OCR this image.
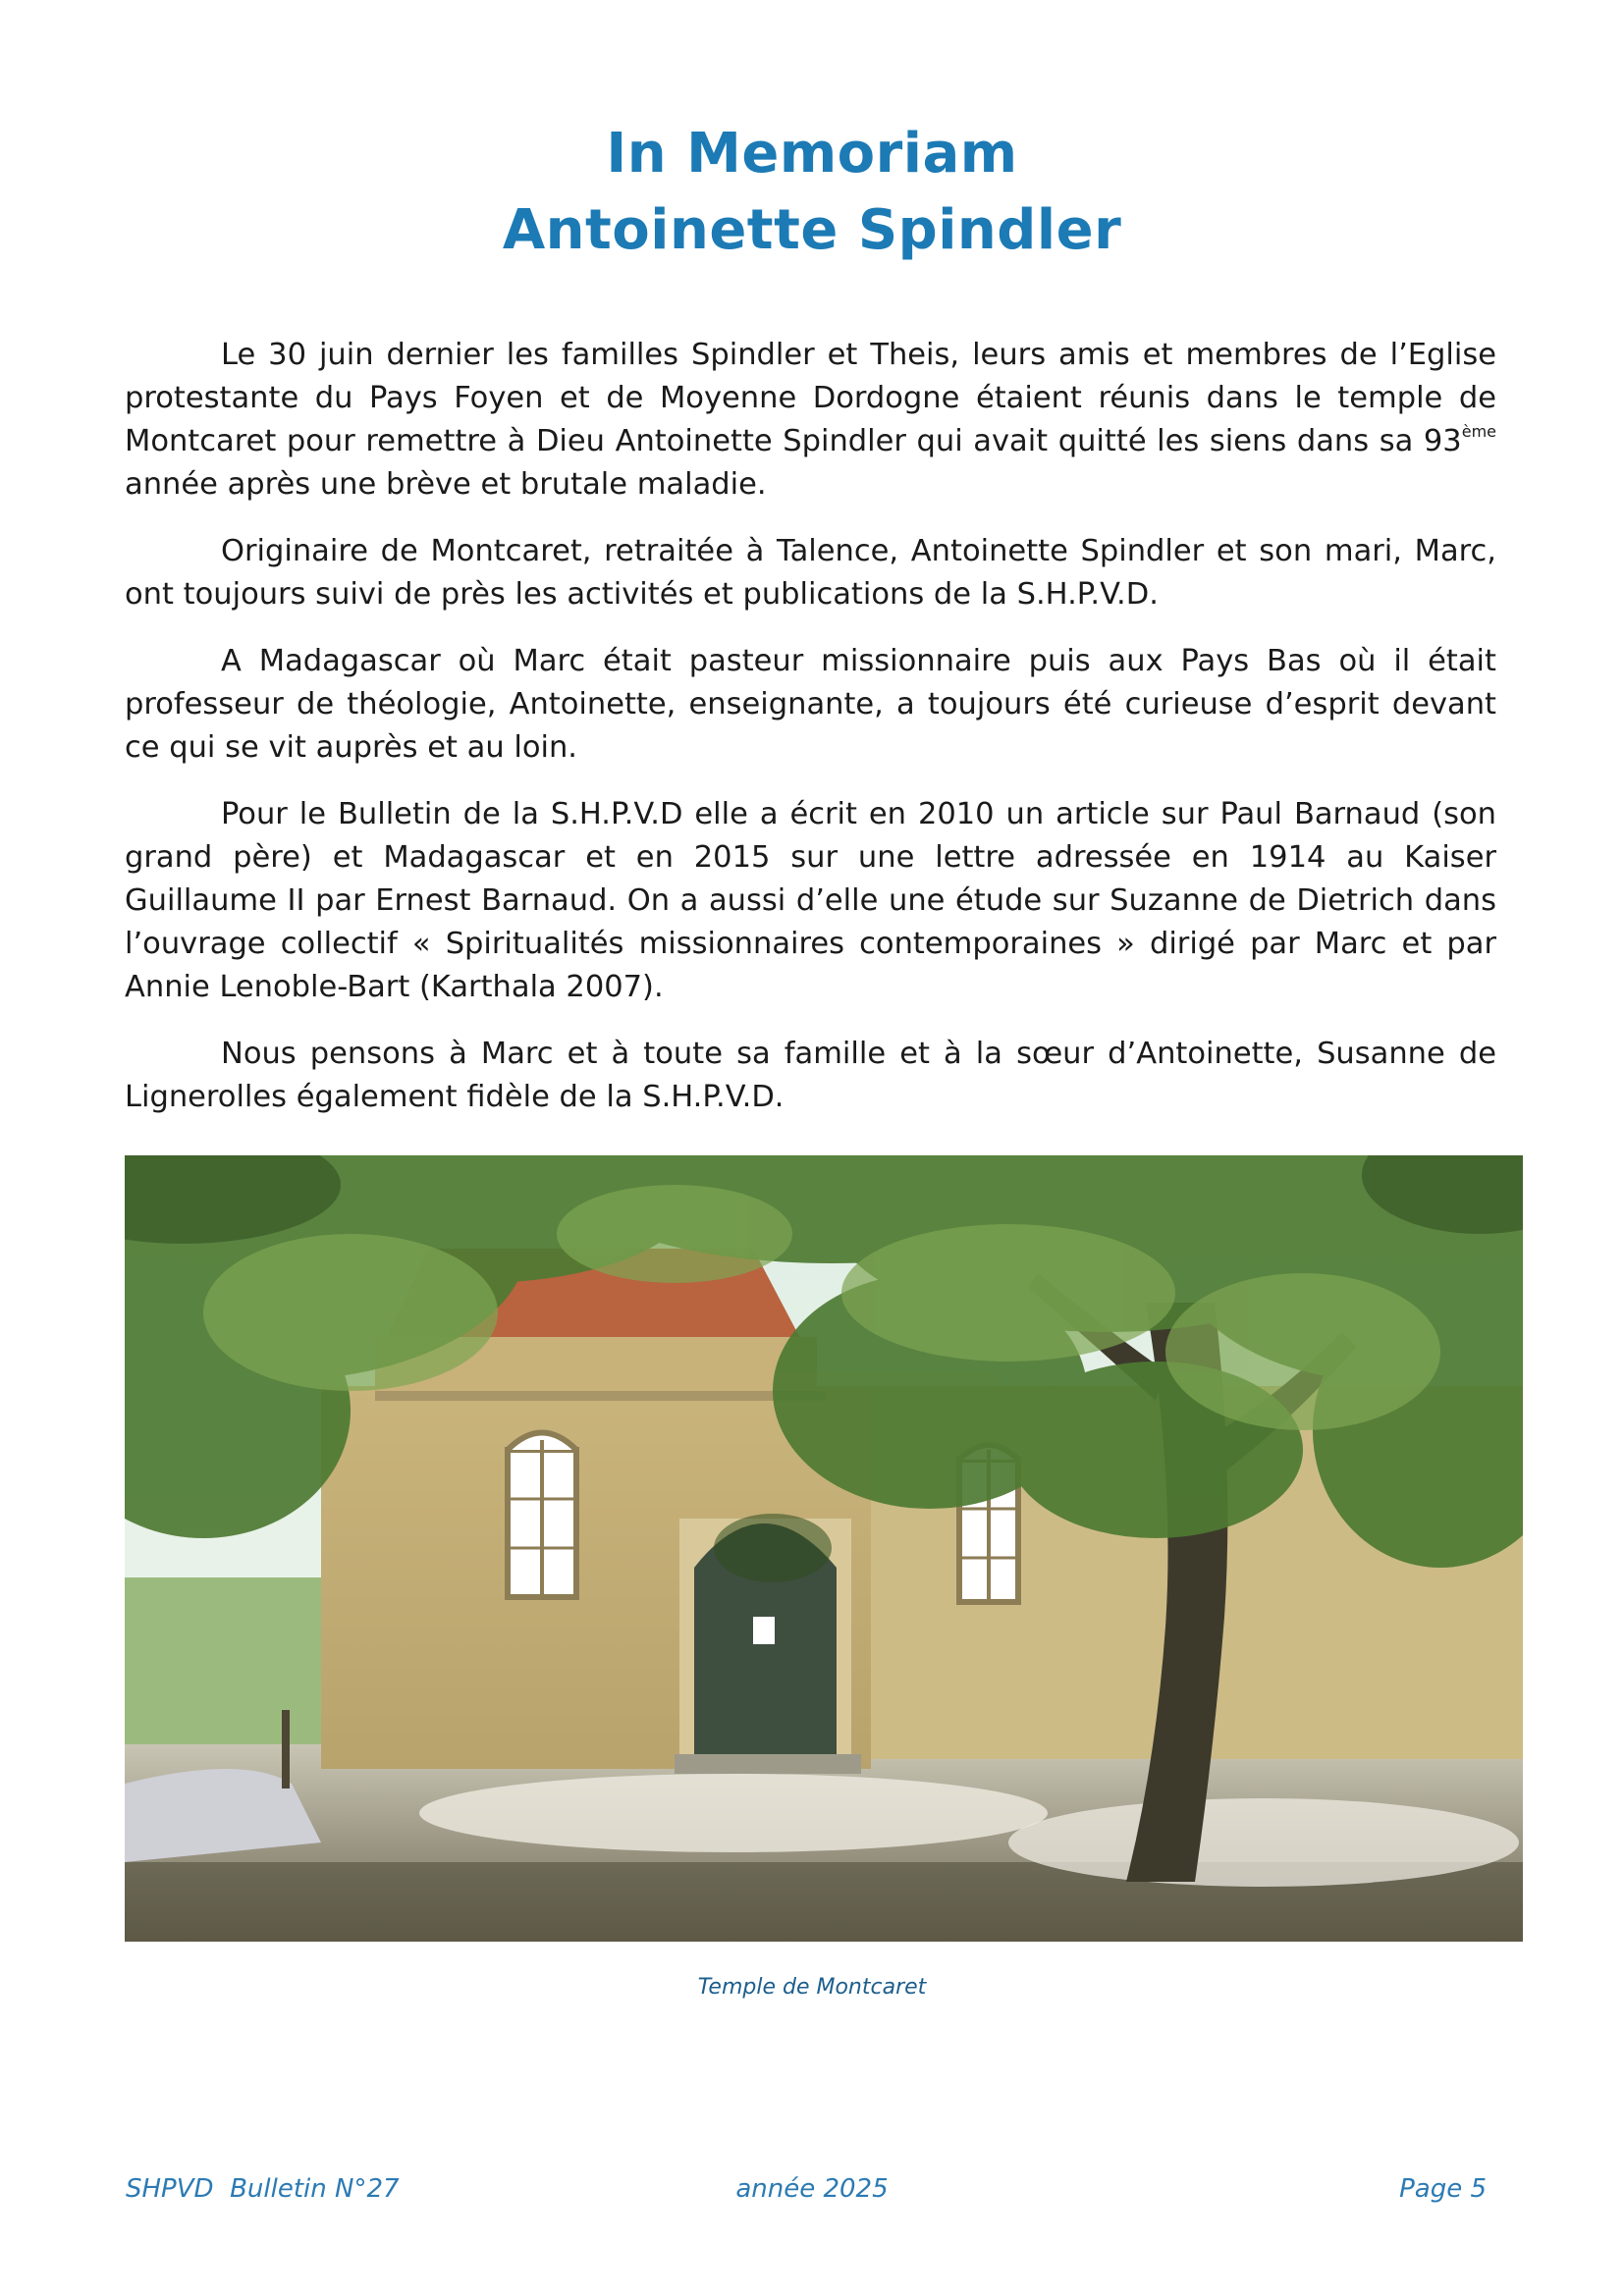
In Memoriam
Antoinette Spindler

Le 30 juin dernier les familles Spindler et Theis, leurs amis et membres de l’Eglise protestante du Pays Foyen et de Moyenne Dordogne étaient réunis dans le temple de Montcaret pour remettre à Dieu Antoinette Spindler qui avait quitté les siens dans sa 93ème année après une brève et brutale maladie.

Originaire de Montcaret, retraitée à Talence, Antoinette Spindler et son mari, Marc, ont toujours suivi de près les activités et publications de la S.H.P.V.D.

A Madagascar où Marc était pasteur missionnaire puis aux Pays Bas où il était professeur de théologie, Antoinette, enseignante, a toujours été curieuse d’esprit devant ce qui se vit auprès et au loin.

Pour le Bulletin de la S.H.P.V.D elle a écrit en 2010 un article sur Paul Barnaud (son grand père) et Madagascar et en 2015 sur une lettre adressée en 1914 au Kaiser Guillaume II par Ernest Barnaud. On a aussi d’elle une étude sur Suzanne de Dietrich dans l’ouvrage collectif « Spiritualités missionnaires contemporaines » dirigé par Marc et par Annie Lenoble-Bart (Karthala 2007).

Nous pensons à Marc et à toute sa famille et à la sœur d’Antoinette, Susanne de Lignerolles également fidèle de la S.H.P.V.D.

Temple de Montcaret
SHPVD  Bulletin N°27	année 2025	Page 5
